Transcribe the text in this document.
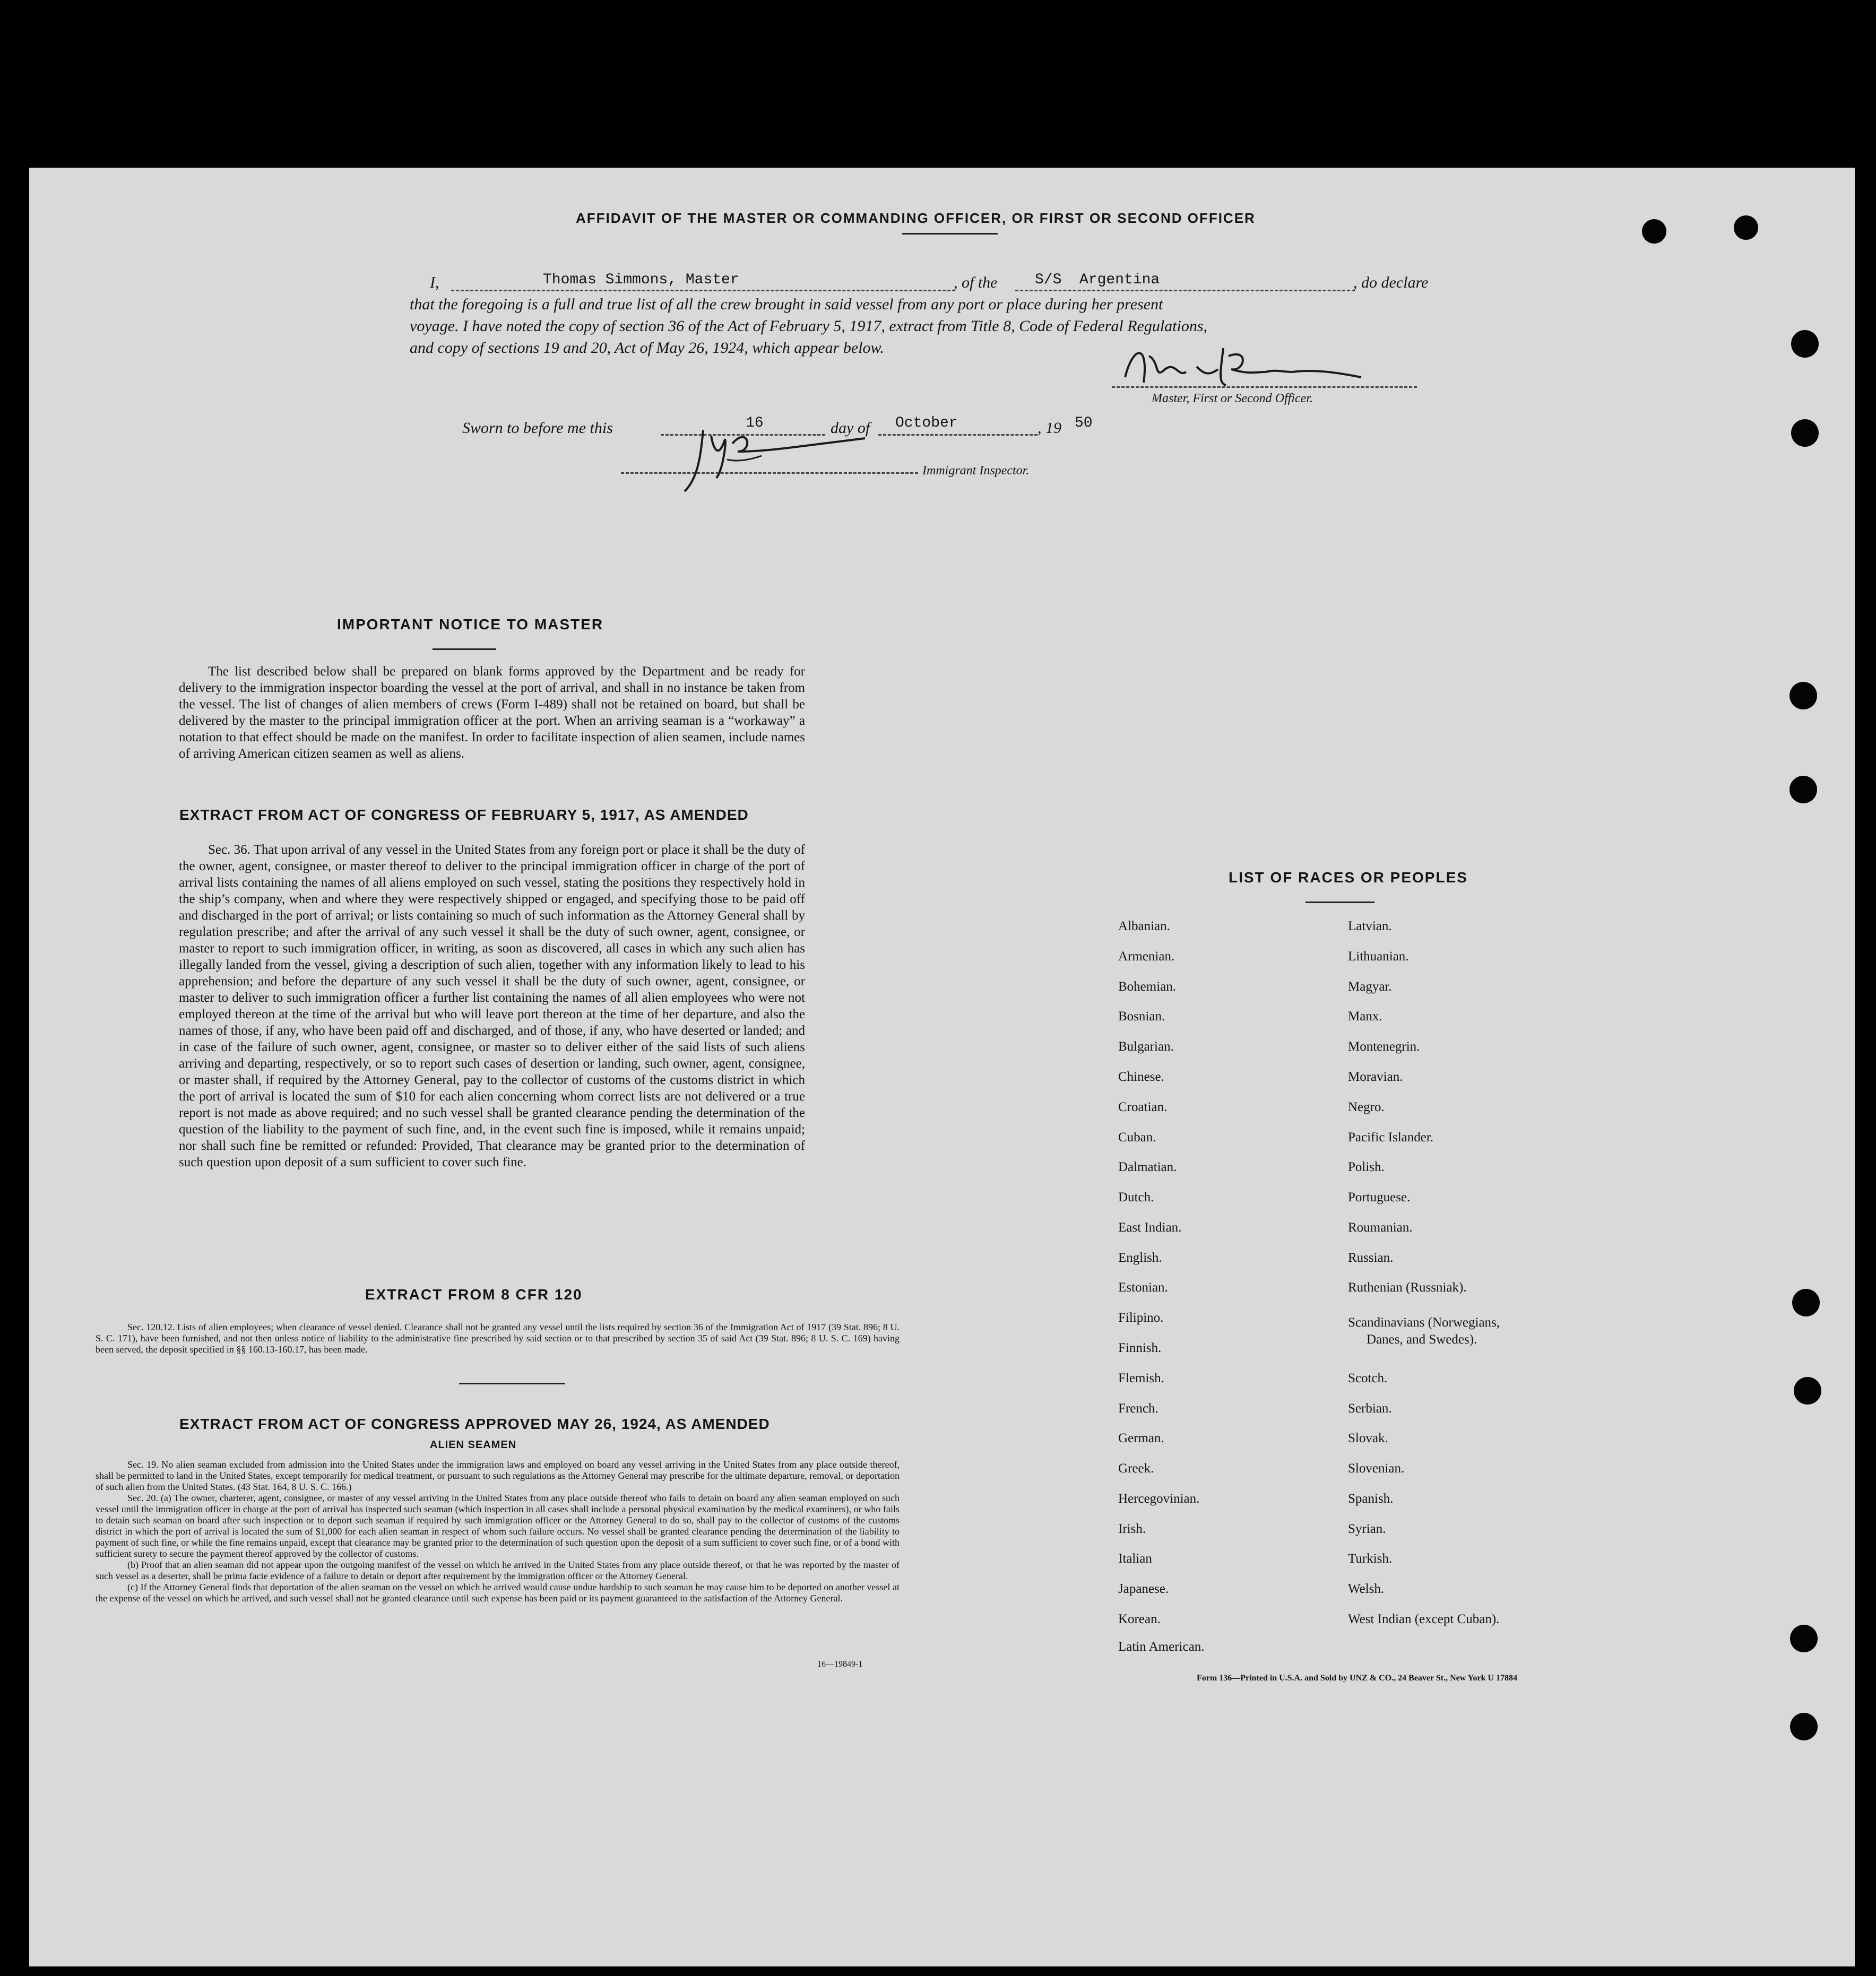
AFFIDAVIT OF THE MASTER OR COMMANDING OFFICER, OR FIRST OR SECOND OFFICER
I,	Thomas Simmons, Master	, of the	S/S  Argentina	, do declare
that the foregoing is a full and true list of all the crew brought in said vessel from any port or place during her present
voyage. I have noted the copy of section 36 of the Act of February 5, 1917, extract from Title 8, Code of Federal Regulations,
and copy of sections 19 and 20, Act of May 26, 1924, which appear below.
Master, First or Second Officer.
Sworn to before me this	16	day of October	, 19 50
Immigrant Inspector.
IMPORTANT NOTICE TO MASTER

The list described below shall be prepared on blank forms approved by the Department and be ready for delivery to the immigration inspector boarding the vessel at the port of arrival, and shall in no instance be taken from the vessel. The list of changes of alien members of crews (Form I-489) shall not be retained on board, but shall be delivered by the master to the principal immigration officer at the port. When an arriving seaman is a “workaway” a notation to that effect should be made on the manifest. In order to facilitate inspection of alien seamen, include names of arriving American citizen seamen as well as aliens.

EXTRACT FROM ACT OF CONGRESS OF FEBRUARY 5, 1917, AS AMENDED

Sec. 36. That upon arrival of any vessel in the United States from any foreign port or place it shall be the duty of the owner, agent, consignee, or master thereof to deliver to the principal immigration officer in charge of the port of arrival lists containing the names of all aliens employed on such vessel, stating the positions they respectively hold in the ship’s company, when and where they were respectively shipped or engaged, and specifying those to be paid off and discharged in the port of arrival; or lists containing so much of such information as the Attorney General shall by regulation prescribe; and after the arrival of any such vessel it shall be the duty of such owner, agent, consignee, or master to report to such immigration officer, in writing, as soon as discovered, all cases in which any such alien has illegally landed from the vessel, giving a description of such alien, together with any information likely to lead to his apprehension; and before the departure of any such vessel it shall be the duty of such owner, agent, consignee, or master to deliver to such immigration officer a further list containing the names of all alien employees who were not employed thereon at the time of the arrival but who will leave port thereon at the time of her departure, and also the names of those, if any, who have been paid off and discharged, and of those, if any, who have deserted or landed; and in case of the failure of such owner, agent, consignee, or master so to deliver either of the said lists of such aliens arriving and departing, respectively, or so to report such cases of desertion or landing, such owner, agent, consignee, or master shall, if required by the Attorney General, pay to the collector of customs of the customs district in which the port of arrival is located the sum of $10 for each alien concerning whom correct lists are not delivered or a true report is not made as above required; and no such vessel shall be granted clearance pending the determination of the question of the liability to the payment of such fine, and, in the event such fine is imposed, while it remains unpaid; nor shall such fine be remitted or refunded: Provided, That clearance may be granted prior to the determination of such question upon deposit of a sum sufficient to cover such fine.

EXTRACT FROM 8 CFR 120

Sec. 120.12. Lists of alien employees; when clearance of vessel denied. Clearance shall not be granted any vessel until the lists required by section 36 of the Immigration Act of 1917 (39 Stat. 896; 8 U. S. C. 171), have been furnished, and not then unless notice of liability to the administrative fine prescribed by said section or to that prescribed by section 35 of said Act (39 Stat. 896; 8 U. S. C. 169) having been served, the deposit specified in §§ 160.13-160.17, has been made.

EXTRACT FROM ACT OF CONGRESS APPROVED MAY 26, 1924, AS AMENDED
ALIEN SEAMEN

Sec. 19. No alien seaman excluded from admission into the United States under the immigration laws and employed on board any vessel arriving in the United States from any place outside thereof, shall be permitted to land in the United States, except temporarily for medical treatment, or pursuant to such regulations as the Attorney General may prescribe for the ultimate departure, removal, or deportation of such alien from the United States. (43 Stat. 164, 8 U. S. C. 166.)

Sec. 20. (a) The owner, charterer, agent, consignee, or master of any vessel arriving in the United States from any place outside thereof who fails to detain on board any alien seaman employed on such vessel until the immigration officer in charge at the port of arrival has inspected such seaman (which inspection in all cases shall include a personal physical examination by the medical examiners), or who fails to detain such seaman on board after such inspection or to deport such seaman if required by such immigration officer or the Attorney General to do so, shall pay to the collector of customs of the customs district in which the port of arrival is located the sum of $1,000 for each alien seaman in respect of whom such failure occurs. No vessel shall be granted clearance pending the determination of the liability to payment of such fine, or while the fine remains unpaid, except that clearance may be granted prior to the determination of such question upon the deposit of a sum sufficient to cover such fine, or of a bond with sufficient surety to secure the payment thereof approved by the collector of customs.

(b) Proof that an alien seaman did not appear upon the outgoing manifest of the vessel on which he arrived in the United States from any place outside thereof, or that he was reported by the master of such vessel as a deserter, shall be prima facie evidence of a failure to detain or deport after requirement by the immigration officer or the Attorney General.

(c) If the Attorney General finds that deportation of the alien seaman on the vessel on which he arrived would cause undue hardship to such seaman he may cause him to be deported on another vessel at the expense of the vessel on which he arrived, and such vessel shall not be granted clearance until such expense has been paid or its payment guaranteed to the satisfaction of the Attorney General.

16—19849-1
LIST OF RACES OR PEOPLES
Albanian.
Armenian.
Bohemian.
Bosnian.
Bulgarian.
Chinese.
Croatian.
Cuban.
Dalmatian.
Dutch.
East Indian.
English.
Estonian.
Filipino.
Finnish.
Flemish.
French.
German.
Greek.
Hercegovinian.
Irish.
Italian
Japanese.
Korean.
Latin American.
Latvian.
Lithuanian.
Magyar.
Manx.
Montenegrin.
Moravian.
Negro.
Pacific Islander.
Polish.
Portuguese.
Roumanian.
Russian.
Ruthenian (Russniak).
Scandinavians (Norwegians,
Danes, and Swedes).
Scotch.
Serbian.
Slovak.
Slovenian.
Spanish.
Syrian.
Turkish.
Welsh.
West Indian (except Cuban).
Form 136—Printed in U.S.A. and Sold by UNZ & CO., 24 Beaver St., New York U 17884
